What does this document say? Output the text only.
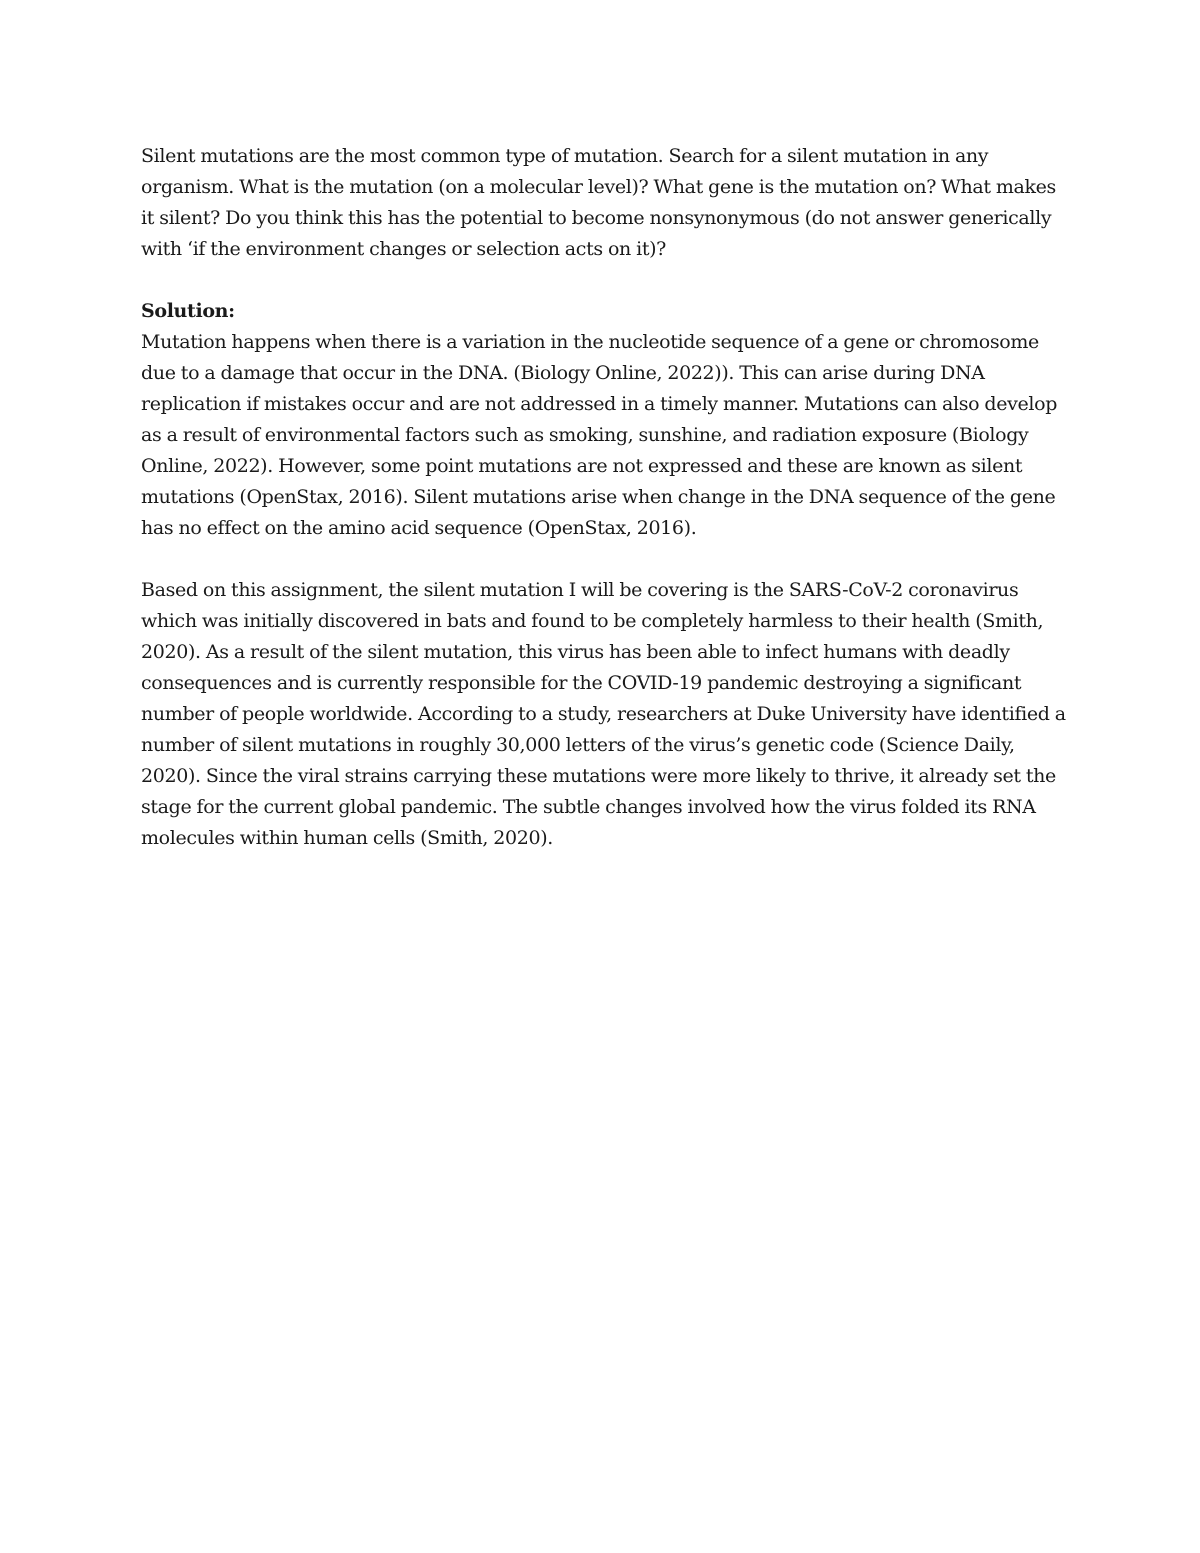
Silent mutations are the most common type of mutation. Search for a silent mutation in any organism. What is the mutation (on a molecular level)? What gene is the mutation on? What makes it silent? Do you think this has the potential to become nonsynonymous (do not answer generically with ‘if the environment changes or selection acts on it)?

Solution:

Mutation happens when there is a variation in the nucleotide sequence of a gene or chromosome due to a damage that occur in the DNA. (Biology Online, 2022)). This can arise during DNA replication if mistakes occur and are not addressed in a timely manner. Mutations can also develop as a result of environmental factors such as smoking, sunshine, and radiation exposure (Biology Online, 2022). However, some point mutations are not expressed and these are known as silent mutations (OpenStax, 2016). Silent mutations arise when change in the DNA sequence of the gene has no effect on the amino acid sequence (OpenStax, 2016).

Based on this assignment, the silent mutation I will be covering is the SARS-CoV-2 coronavirus which was initially discovered in bats and found to be completely harmless to their health (Smith, 2020). As a result of the silent mutation, this virus has been able to infect humans with deadly consequences and is currently responsible for the COVID-19 pandemic destroying a significant number of people worldwide. According to a study, researchers at Duke University have identified a number of silent mutations in roughly 30,000 letters of the virus’s genetic code (Science Daily, 2020). Since the viral strains carrying these mutations were more likely to thrive, it already set the stage for the current global pandemic. The subtle changes involved how the virus folded its RNA molecules within human cells (Smith, 2020).
